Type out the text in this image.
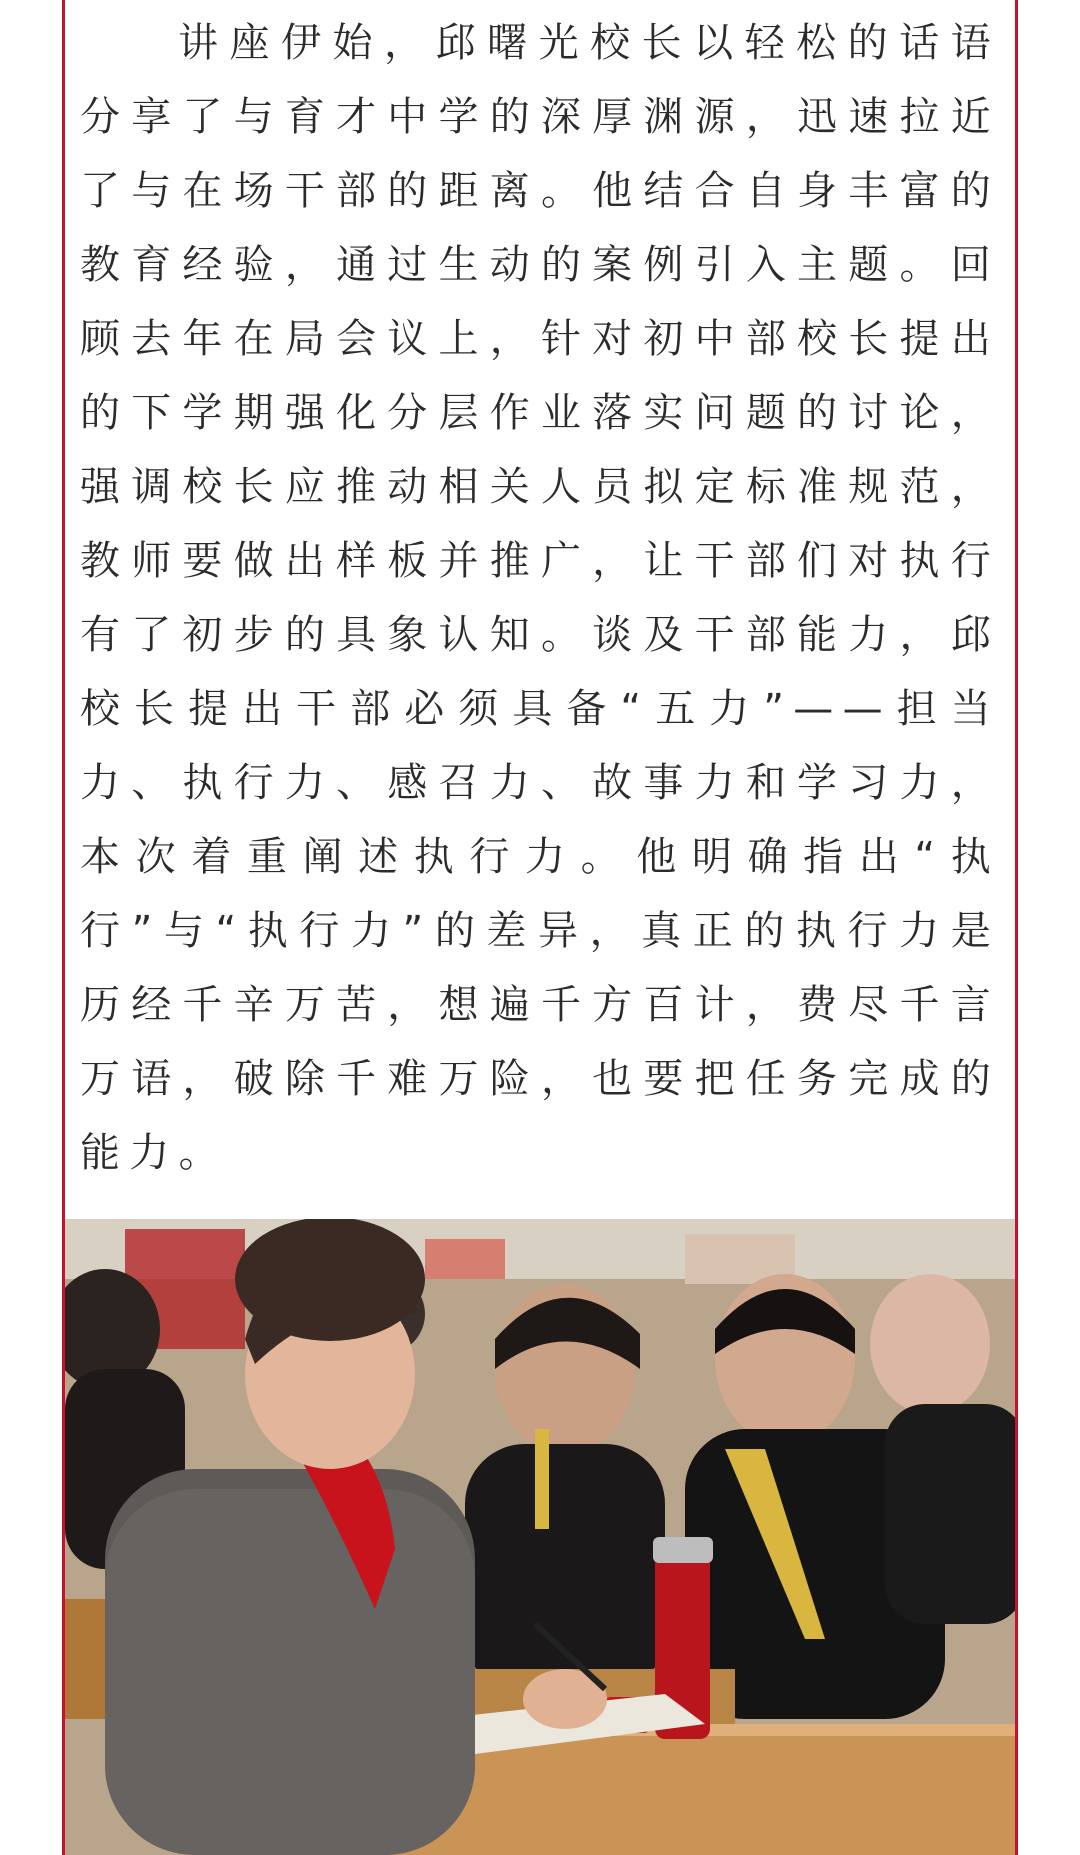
讲座伊始，邱曙光校长以轻松的话语分享了与育才中学的深厚渊源，迅速拉近了与在场干部的距离。他结合自身丰富的教育经验，通过生动的案例引入主题。回顾去年在局会议上，针对初中部校长提出的下学期强化分层作业落实问题的讨论，强调校长应推动相关人员拟定标准规范，教师要做出样板并推广，让干部们对执行有了初步的具象认知。谈及干部能力，邱校长提出干部必须具备“五力”——担当力、执行力、感召力、故事力和学习力，本次着重阐述执行力。他明确指出“执行”与“执行力”的差异，真正的执行力是历经千辛万苦，想遍千方百计，费尽千言万语，破除千难万险，也要把任务完成的能力。
